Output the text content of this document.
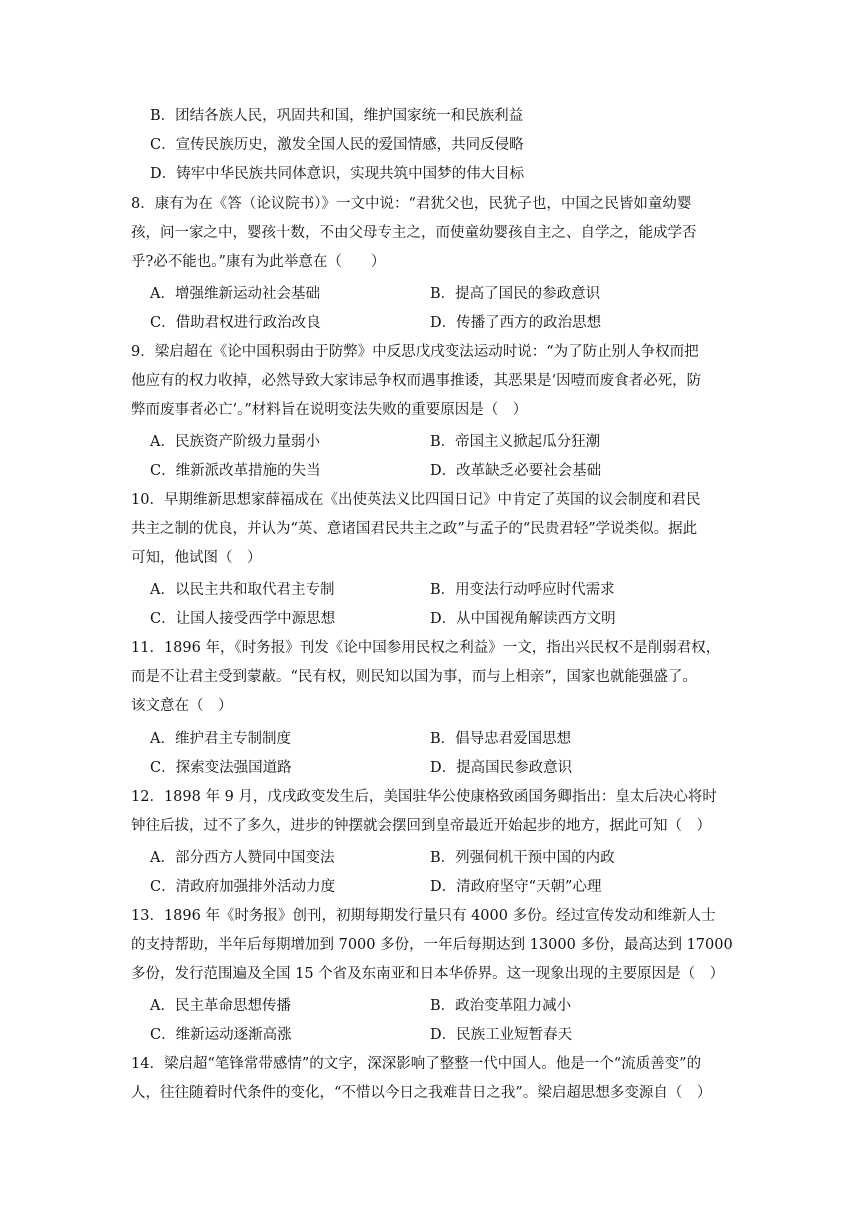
B．团结各族人民，巩固共和国，维护国家统一和民族利益
C．宣传民族历史，激发全国人民的爱国情感，共同反侵略
D．铸牢中华民族共同体意识，实现共筑中国梦的伟大目标
8．康有为在《答（论议院书）》一文中说：“君犹父也，民犹子也，中国之民皆如童幼婴
孩，问一家之中，婴孩十数，不由父母专主之，而使童幼婴孩自主之、自学之，能成学否
乎?必不能也。”康有为此举意在（　　）
A．增强维新运动社会基础	B．提高了国民的参政意识
C．借助君权进行政治改良	D．传播了西方的政治思想
9．梁启超在《论中国积弱由于防弊》中反思戊戌变法运动时说：“为了防止别人争权而把
他应有的权力收掉，必然导致大家讳忌争权而遇事推诿，其恶果是‘因噎而废食者必死，防
弊而废事者必亡’。”材料旨在说明变法失败的重要原因是（　）
A．民族资产阶级力量弱小	B．帝国主义掀起瓜分狂潮
C．维新派改革措施的失当	D．改革缺乏必要社会基础
10．早期维新思想家薛福成在《出使英法义比四国日记》中肯定了英国的议会制度和君民
共主之制的优良，并认为“英、意诸国君民共主之政”与孟子的“民贵君轻”学说类似。据此
可知，他试图（　）
A．以民主共和取代君主专制	B．用变法行动呼应时代需求
C．让国人接受西学中源思想	D．从中国视角解读西方文明
11．1896 年，《时务报》刊发《论中国参用民权之利益》一文，指出兴民权不是削弱君权，
而是不让君主受到蒙蔽。“民有权，则民知以国为事，而与上相亲”，国家也就能强盛了。
该文意在（　）
A．维护君主专制制度	B．倡导忠君爱国思想
C．探索变法强国道路	D．提高国民参政意识
12．1898 年 9 月，戊戌政变发生后，美国驻华公使康格致函国务卿指出：皇太后决心将时
钟往后拔，过不了多久，进步的钟摆就会摆回到皇帝最近开始起步的地方，据此可知（　）
A．部分西方人赞同中国变法	B．列强伺机干预中国的内政
C．清政府加强排外活动力度	D．清政府坚守“天朝”心理
13．1896 年《时务报》创刊，初期每期发行量只有 4000 多份。经过宣传发动和维新人士
的支持帮助，半年后每期增加到 7000 多份，一年后每期达到 13000 多份，最高达到 17000
多份，发行范围遍及全国 15 个省及东南亚和日本华侨界。这一现象出现的主要原因是（　）
A．民主革命思想传播	B．政治变革阻力减小
C．维新运动逐渐高涨	D．民族工业短暂春天
14．梁启超“笔锋常带感情”的文字，深深影响了整整一代中国人。他是一个“流质善变”的
人，往往随着时代条件的变化，“不惜以今日之我难昔日之我”。梁启超思想多变源自（　）
